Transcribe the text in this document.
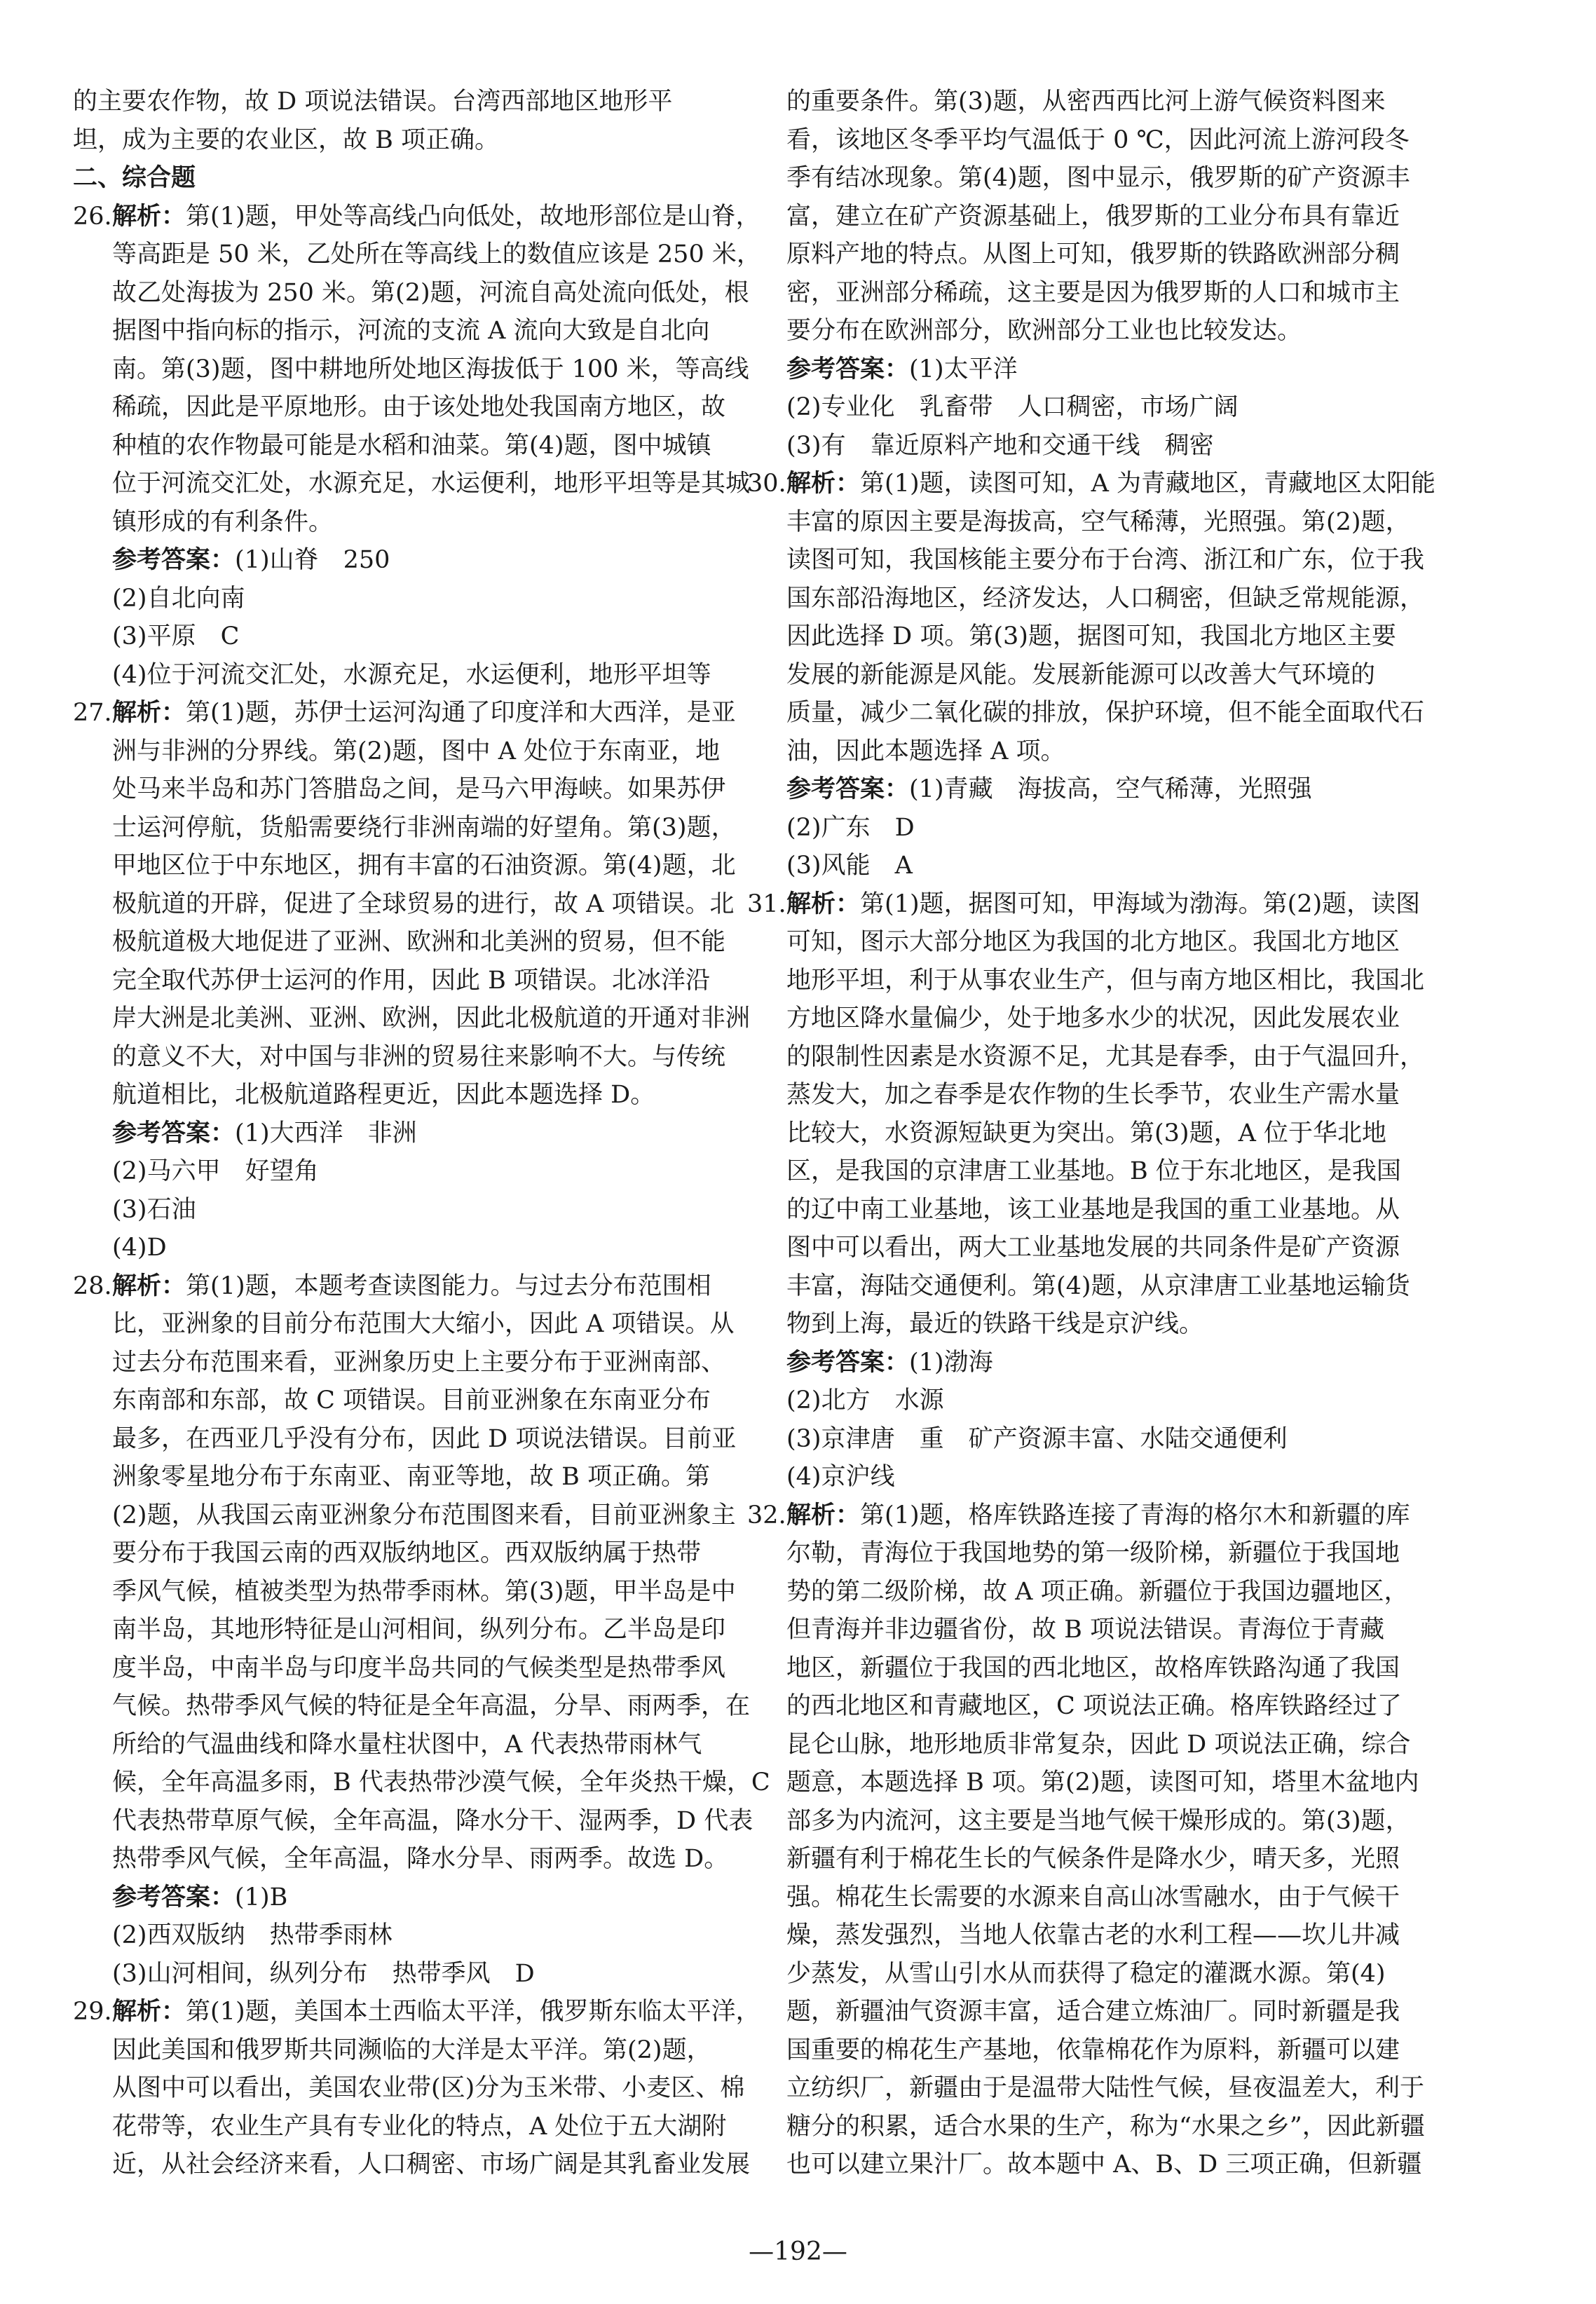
的主要农作物，故 D 项说法错误。台湾西部地区地形平
坦，成为主要的农业区，故 B 项正确。
二、综合题
26.解析：第(1)题，甲处等高线凸向低处，故地形部位是山脊，
等高距是 50 米，乙处所在等高线上的数值应该是 250 米，
故乙处海拔为 250 米。第(2)题，河流自高处流向低处，根
据图中指向标的指示，河流的支流 A 流向大致是自北向
南。第(3)题，图中耕地所处地区海拔低于 100 米，等高线
稀疏，因此是平原地形。由于该处地处我国南方地区，故
种植的农作物最可能是水稻和油菜。第(4)题，图中城镇
位于河流交汇处，水源充足，水运便利，地形平坦等是其城
镇形成的有利条件。
参考答案：(1)山脊　250
(2)自北向南
(3)平原　C
(4)位于河流交汇处，水源充足，水运便利，地形平坦等
27.解析：第(1)题，苏伊士运河沟通了印度洋和大西洋，是亚
洲与非洲的分界线。第(2)题，图中 A 处位于东南亚，地
处马来半岛和苏门答腊岛之间，是马六甲海峡。如果苏伊
士运河停航，货船需要绕行非洲南端的好望角。第(3)题，
甲地区位于中东地区，拥有丰富的石油资源。第(4)题，北
极航道的开辟，促进了全球贸易的进行，故 A 项错误。北
极航道极大地促进了亚洲、欧洲和北美洲的贸易，但不能
完全取代苏伊士运河的作用，因此 B 项错误。北冰洋沿
岸大洲是北美洲、亚洲、欧洲，因此北极航道的开通对非洲
的意义不大，对中国与非洲的贸易往来影响不大。与传统
航道相比，北极航道路程更近，因此本题选择 D。
参考答案：(1)大西洋　非洲
(2)马六甲　好望角
(3)石油
(4)D
28.解析：第(1)题，本题考查读图能力。与过去分布范围相
比，亚洲象的目前分布范围大大缩小，因此 A 项错误。从
过去分布范围来看，亚洲象历史上主要分布于亚洲南部、
东南部和东部，故 C 项错误。目前亚洲象在东南亚分布
最多，在西亚几乎没有分布，因此 D 项说法错误。目前亚
洲象零星地分布于东南亚、南亚等地，故 B 项正确。第
(2)题，从我国云南亚洲象分布范围图来看，目前亚洲象主
要分布于我国云南的西双版纳地区。西双版纳属于热带
季风气候，植被类型为热带季雨林。第(3)题，甲半岛是中
南半岛，其地形特征是山河相间，纵列分布。乙半岛是印
度半岛，中南半岛与印度半岛共同的气候类型是热带季风
气候。热带季风气候的特征是全年高温，分旱、雨两季，在
所给的气温曲线和降水量柱状图中，A 代表热带雨林气
候，全年高温多雨，B 代表热带沙漠气候，全年炎热干燥，C
代表热带草原气候，全年高温，降水分干、湿两季，D 代表
热带季风气候，全年高温，降水分旱、雨两季。故选 D。
参考答案：(1)B
(2)西双版纳　热带季雨林
(3)山河相间，纵列分布　热带季风　D
29.解析：第(1)题，美国本土西临太平洋，俄罗斯东临太平洋，
因此美国和俄罗斯共同濒临的大洋是太平洋。第(2)题，
从图中可以看出，美国农业带(区)分为玉米带、小麦区、棉
花带等，农业生产具有专业化的特点，A 处位于五大湖附
近，从社会经济来看，人口稠密、市场广阔是其乳畜业发展
的重要条件。第(3)题，从密西西比河上游气候资料图来
看，该地区冬季平均气温低于 0 ℃，因此河流上游河段冬
季有结冰现象。第(4)题，图中显示，俄罗斯的矿产资源丰
富，建立在矿产资源基础上，俄罗斯的工业分布具有靠近
原料产地的特点。从图上可知，俄罗斯的铁路欧洲部分稠
密，亚洲部分稀疏，这主要是因为俄罗斯的人口和城市主
要分布在欧洲部分，欧洲部分工业也比较发达。
参考答案：(1)太平洋
(2)专业化　乳畜带　人口稠密，市场广阔
(3)有　靠近原料产地和交通干线　稠密
30.解析：第(1)题，读图可知，A 为青藏地区，青藏地区太阳能
丰富的原因主要是海拔高，空气稀薄，光照强。第(2)题，
读图可知，我国核能主要分布于台湾、浙江和广东，位于我
国东部沿海地区，经济发达，人口稠密，但缺乏常规能源，
因此选择 D 项。第(3)题，据图可知，我国北方地区主要
发展的新能源是风能。发展新能源可以改善大气环境的
质量，减少二氧化碳的排放，保护环境，但不能全面取代石
油，因此本题选择 A 项。
参考答案：(1)青藏　海拔高，空气稀薄，光照强
(2)广东　D
(3)风能　A
31.解析：第(1)题，据图可知，甲海域为渤海。第(2)题，读图
可知，图示大部分地区为我国的北方地区。我国北方地区
地形平坦，利于从事农业生产，但与南方地区相比，我国北
方地区降水量偏少，处于地多水少的状况，因此发展农业
的限制性因素是水资源不足，尤其是春季，由于气温回升，
蒸发大，加之春季是农作物的生长季节，农业生产需水量
比较大，水资源短缺更为突出。第(3)题，A 位于华北地
区，是我国的京津唐工业基地。B 位于东北地区，是我国
的辽中南工业基地，该工业基地是我国的重工业基地。从
图中可以看出，两大工业基地发展的共同条件是矿产资源
丰富，海陆交通便利。第(4)题，从京津唐工业基地运输货
物到上海，最近的铁路干线是京沪线。
参考答案：(1)渤海
(2)北方　水源
(3)京津唐　重　矿产资源丰富、水陆交通便利
(4)京沪线
32.解析：第(1)题，格库铁路连接了青海的格尔木和新疆的库
尔勒，青海位于我国地势的第一级阶梯，新疆位于我国地
势的第二级阶梯，故 A 项正确。新疆位于我国边疆地区，
但青海并非边疆省份，故 B 项说法错误。青海位于青藏
地区，新疆位于我国的西北地区，故格库铁路沟通了我国
的西北地区和青藏地区，C 项说法正确。格库铁路经过了
昆仑山脉，地形地质非常复杂，因此 D 项说法正确，综合
题意，本题选择 B 项。第(2)题，读图可知，塔里木盆地内
部多为内流河，这主要是当地气候干燥形成的。第(3)题，
新疆有利于棉花生长的气候条件是降水少，晴天多，光照
强。棉花生长需要的水源来自高山冰雪融水，由于气候干
燥，蒸发强烈，当地人依靠古老的水利工程——坎儿井减
少蒸发，从雪山引水从而获得了稳定的灌溉水源。第(4)
题，新疆油气资源丰富，适合建立炼油厂。同时新疆是我
国重要的棉花生产基地，依靠棉花作为原料，新疆可以建
立纺织厂，新疆由于是温带大陆性气候，昼夜温差大，利于
糖分的积累，适合水果的生产，称为“水果之乡”，因此新疆
也可以建立果汁厂。故本题中 A、B、D 三项正确，但新疆
—192—
